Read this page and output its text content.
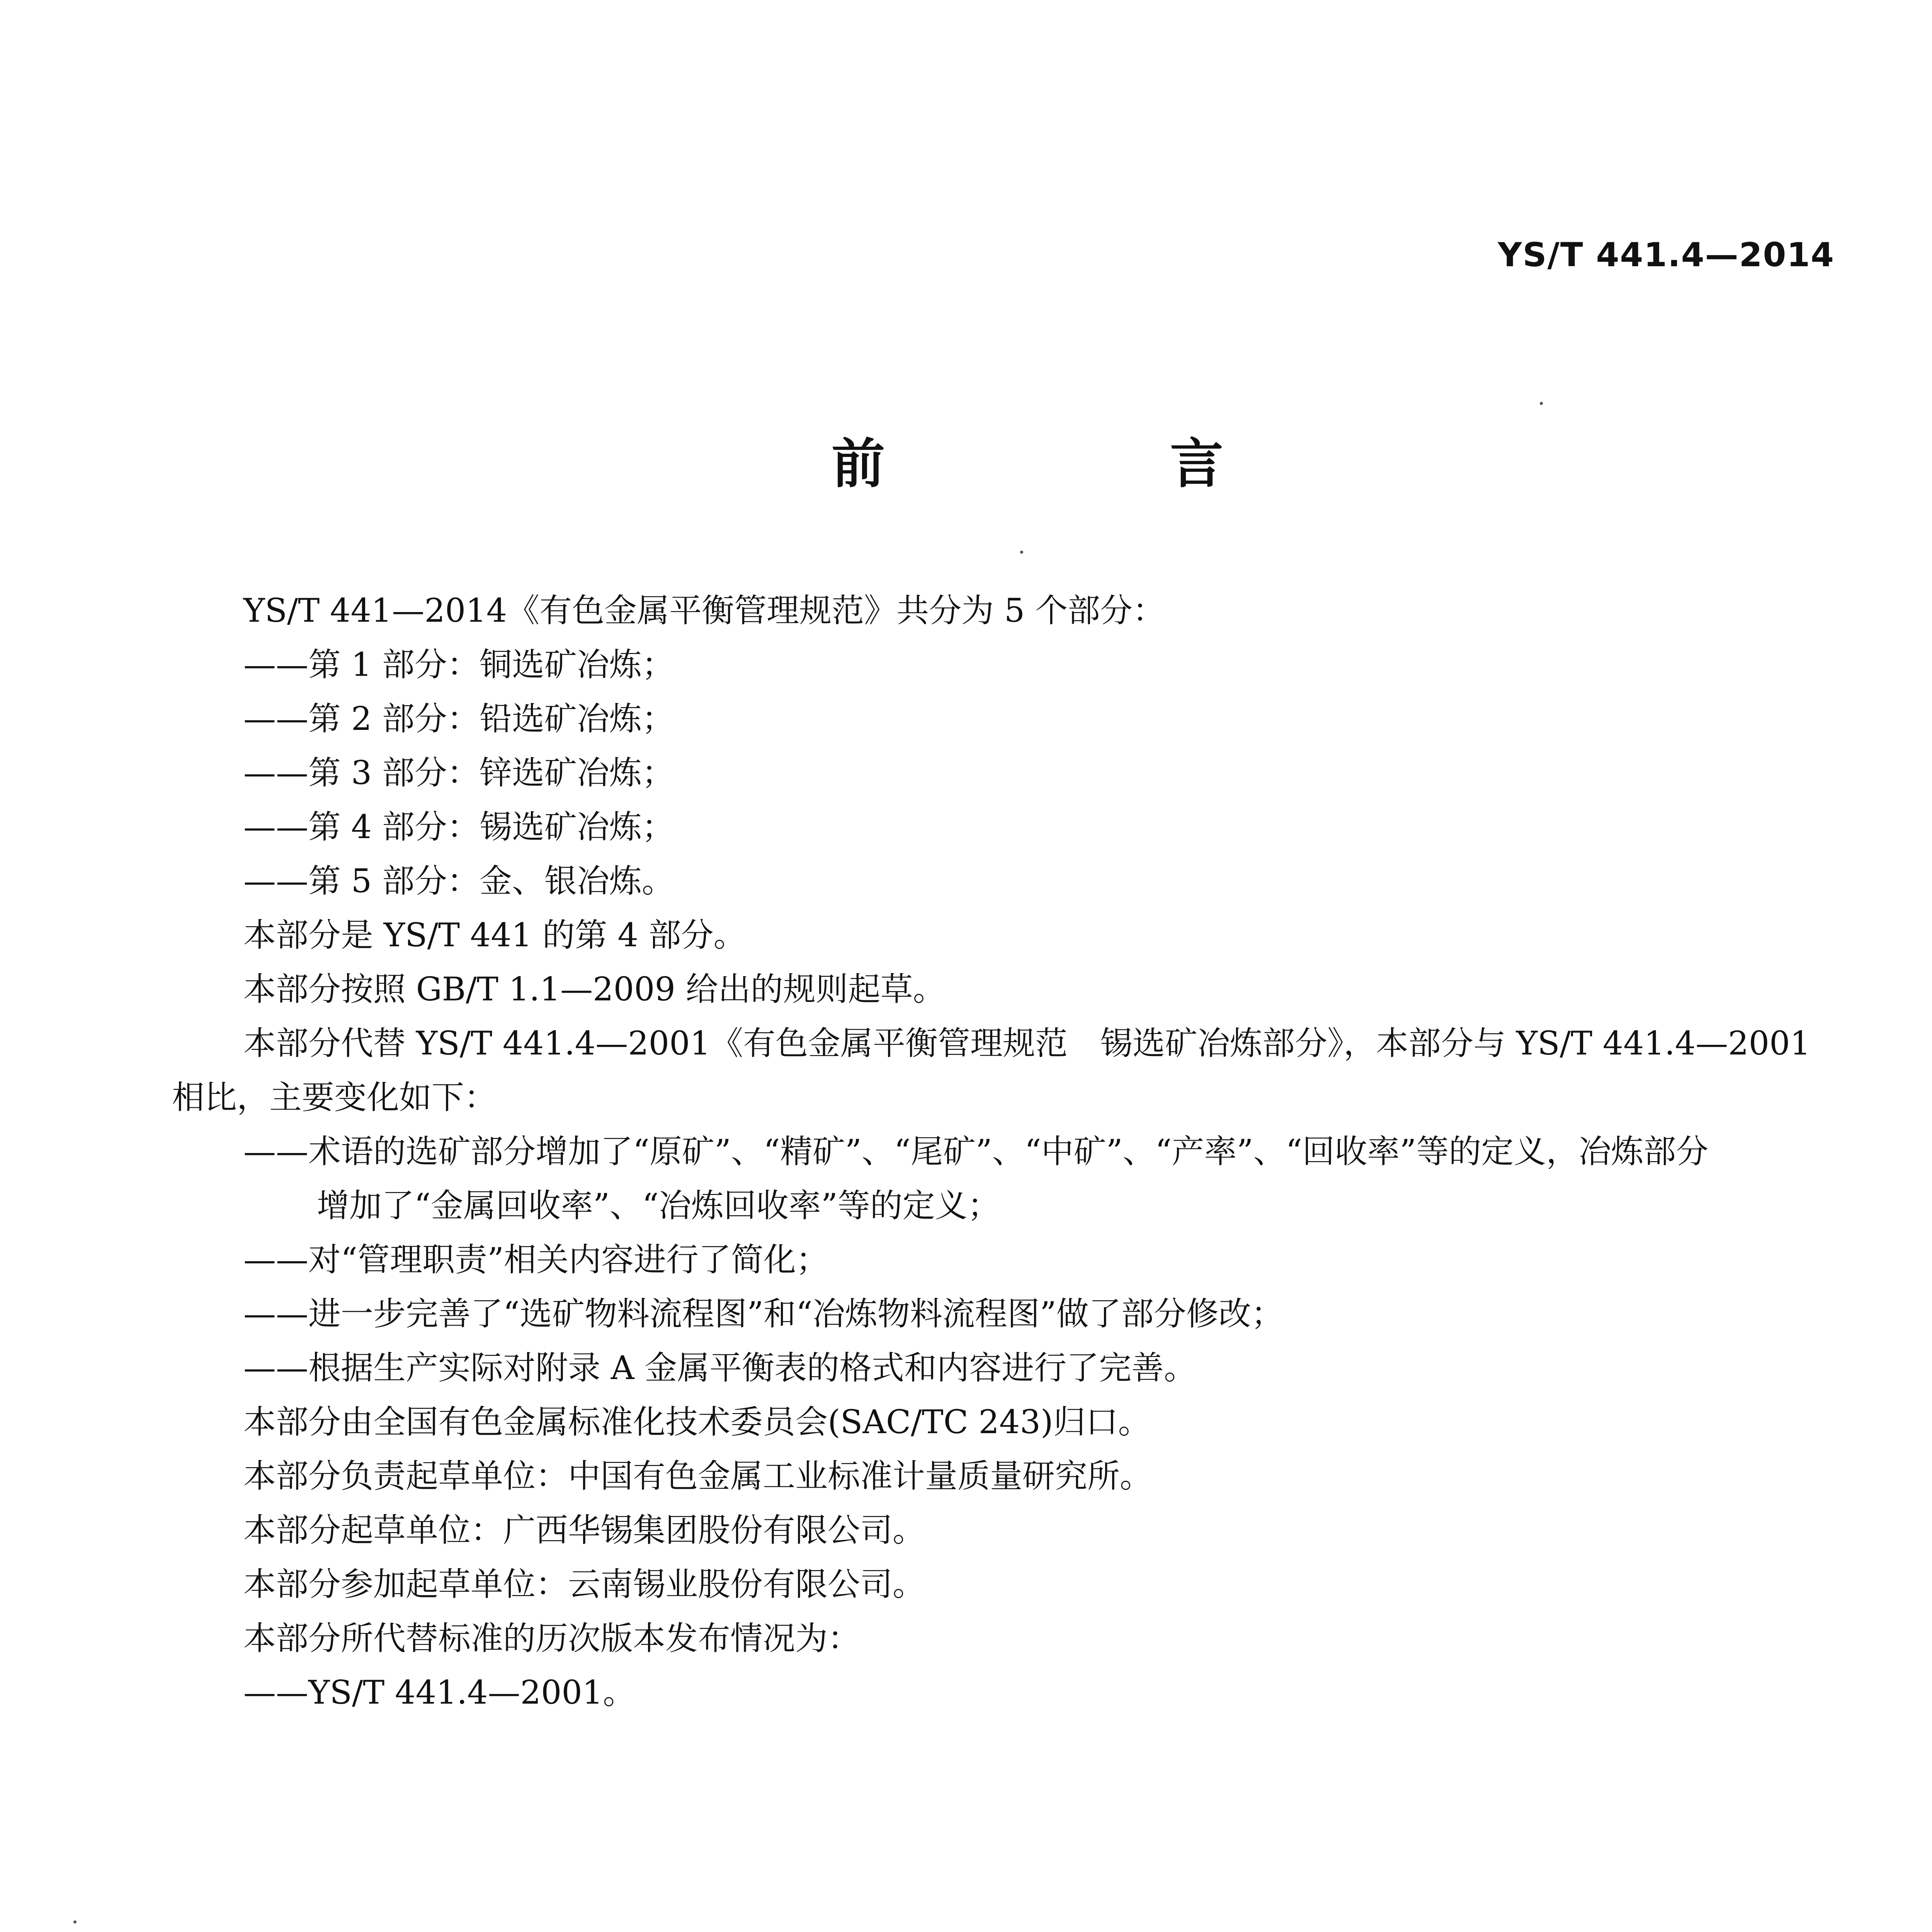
YS/T 441.4—2014
前　言

YS/T 441—2014《有色金属平衡管理规范》共分为 5 个部分：

——第 1 部分：铜选矿冶炼；

——第 2 部分：铅选矿冶炼；

——第 3 部分：锌选矿冶炼；

——第 4 部分：锡选矿冶炼；

——第 5 部分：金、银冶炼。

本部分是 YS/T 441 的第 4 部分。

本部分按照 GB/T 1.1—2009 给出的规则起草。

本部分代替 YS/T 441.4—2001《有色金属平衡管理规范　锡选矿冶炼部分》，本部分与 YS/T 441.4—2001

相比，主要变化如下：

——术语的选矿部分增加了“原矿”、“精矿”、“尾矿”、“中矿”、“产率”、“回收率”等的定义，冶炼部分

增加了“金属回收率”、“冶炼回收率”等的定义；

——对“管理职责”相关内容进行了简化；

——进一步完善了“选矿物料流程图”和“冶炼物料流程图”做了部分修改；

——根据生产实际对附录 A 金属平衡表的格式和内容进行了完善。

本部分由全国有色金属标准化技术委员会(SAC/TC 243)归口。

本部分负责起草单位：中国有色金属工业标准计量质量研究所。

本部分起草单位：广西华锡集团股份有限公司。

本部分参加起草单位：云南锡业股份有限公司。

本部分所代替标准的历次版本发布情况为：

——YS/T 441.4—2001。
